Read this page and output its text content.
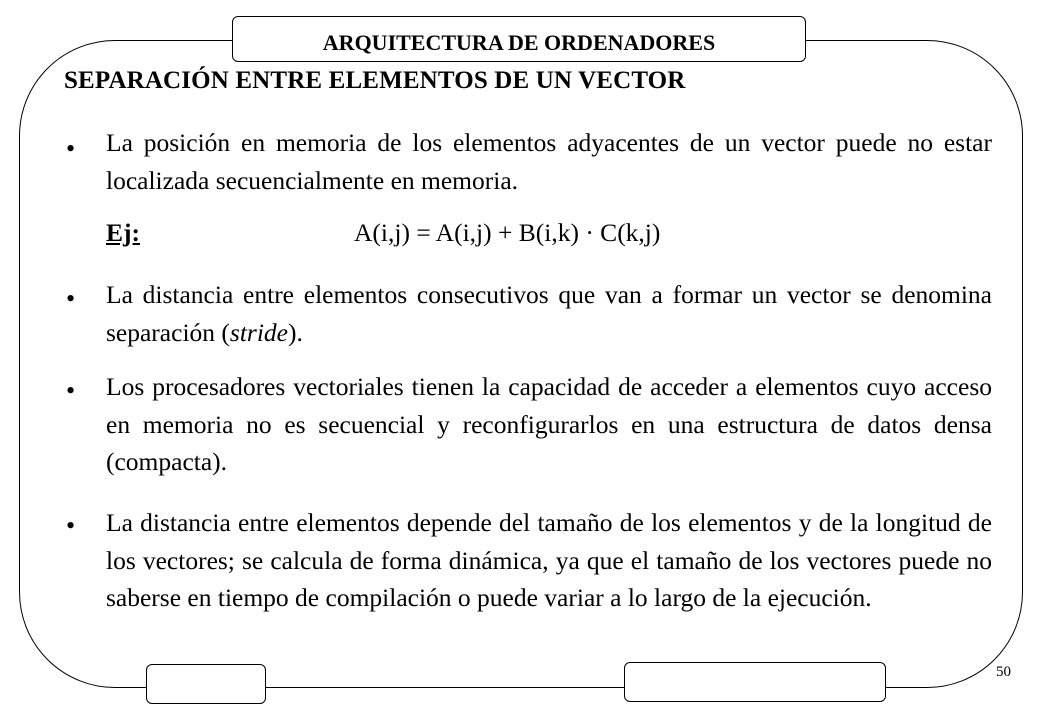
ARQUITECTURA DE ORDENADORES
50
SEPARACIÓN ENTRE ELEMENTOS DE UN VECTOR
• La posición en memoria de los elementos adyacentes de un vector puede no estar localizada secuencialmente en memoria.
Ej:	A(i,j) = A(i,j) + B(i,k) · C(k,j)
• La distancia entre elementos consecutivos que van a formar un vector se denomina separación (stride).
• Los procesadores vectoriales tienen la capacidad de acceder a elementos cuyo acceso en memoria no es secuencial y reconfigurarlos en una estructura de datos densa (compacta).
• La distancia entre elementos depende del tamaño de los elementos y de la longitud de los vectores; se calcula de forma dinámica, ya que el tamaño de los vectores puede no saberse en tiempo de compilación o puede variar a lo largo de la ejecución.
